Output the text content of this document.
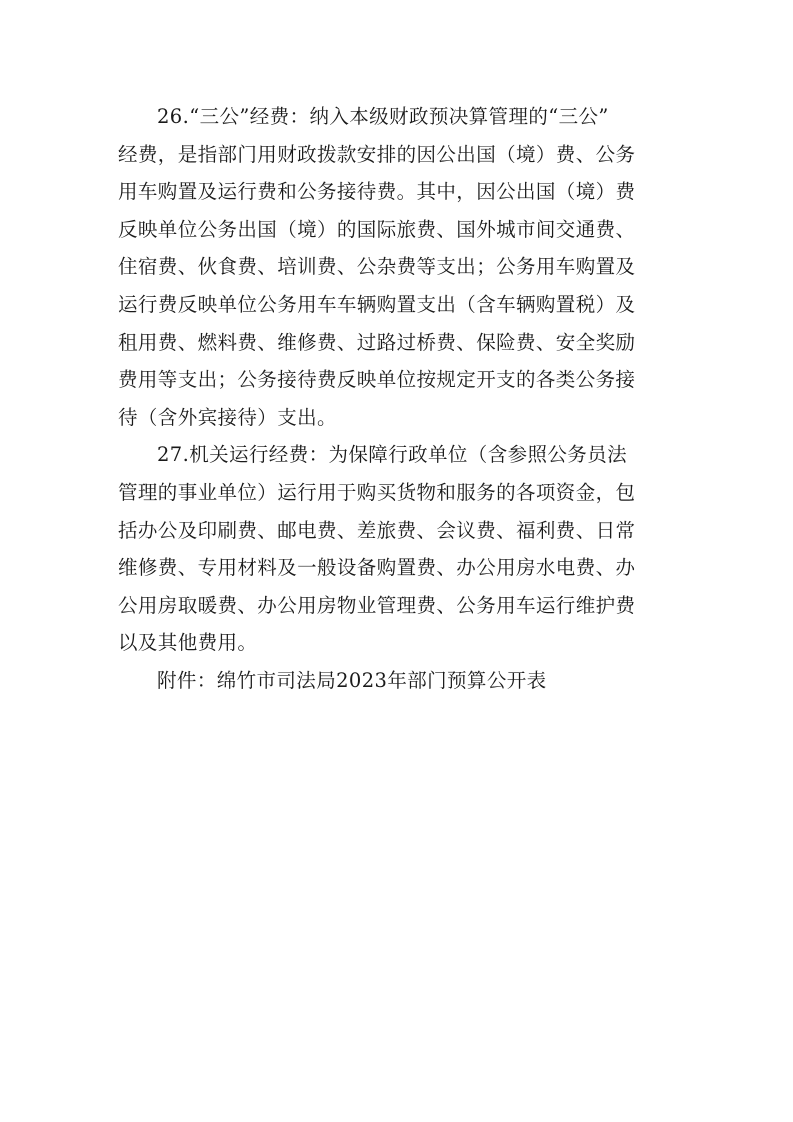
26.“三公”经费：纳入本级财政预决算管理的“三公”
经费，是指部门用财政拨款安排的因公出国（境）费、公务
用车购置及运行费和公务接待费。其中，因公出国（境）费
反映单位公务出国（境）的国际旅费、国外城市间交通费、
住宿费、伙食费、培训费、公杂费等支出；公务用车购置及
运行费反映单位公务用车车辆购置支出（含车辆购置税）及
租用费、燃料费、维修费、过路过桥费、保险费、安全奖励
费用等支出；公务接待费反映单位按规定开支的各类公务接
待（含外宾接待）支出。
27.机关运行经费：为保障行政单位（含参照公务员法
管理的事业单位）运行用于购买货物和服务的各项资金，包
括办公及印刷费、邮电费、差旅费、会议费、福利费、日常
维修费、专用材料及一般设备购置费、办公用房水电费、办
公用房取暖费、办公用房物业管理费、公务用车运行维护费
以及其他费用。
附件：绵竹市司法局2023年部门预算公开表
